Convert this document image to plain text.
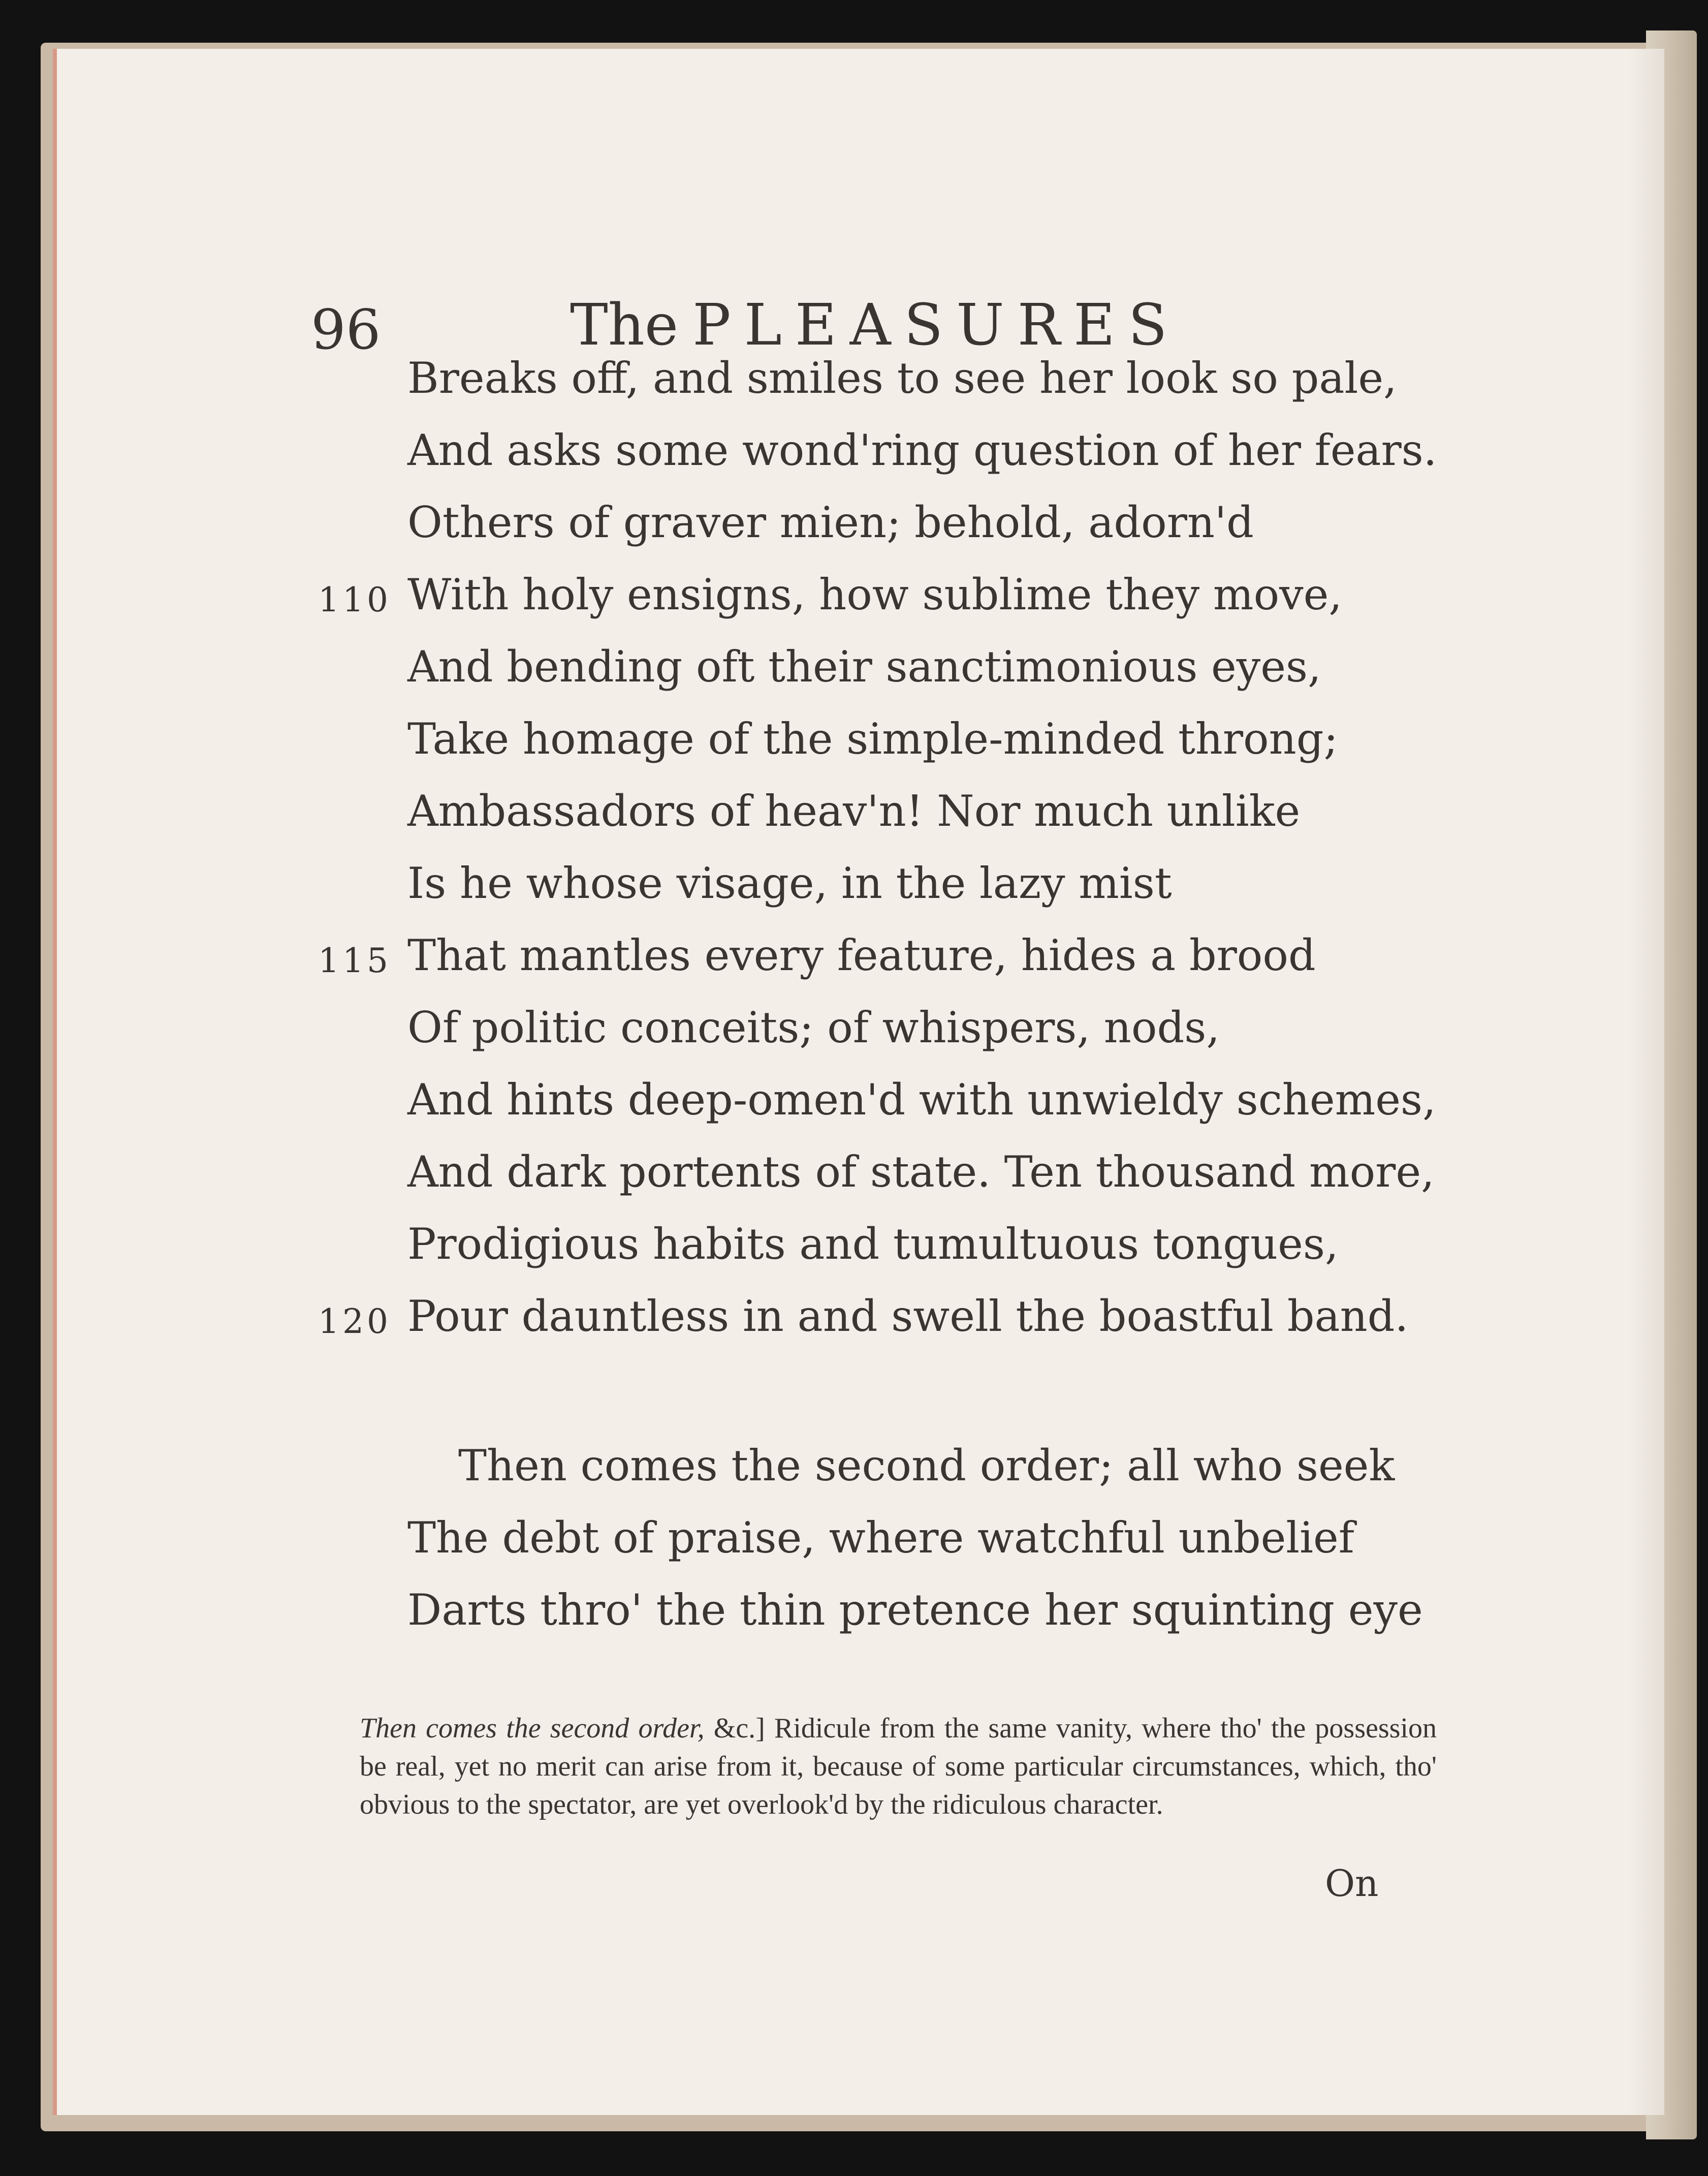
96	The PLEASURES
Breaks off, and smiles to see her look so pale,
And asks some wond'ring question of her fears.
Others of graver mien; behold, adorn'd
110 With holy ensigns, how sublime they move,
And bending oft their sanctimonious eyes,
Take homage of the simple-minded throng;
Ambassadors of heav'n! Nor much unlike
Is he whose visage, in the lazy mist
115 That mantles every feature, hides a brood
Of politic conceits; of whispers, nods,
And hints deep-omen'd with unwieldy schemes,
And dark portents of state. Ten thousand more,
Prodigious habits and tumultuous tongues,
120 Pour dauntless in and swell the boastful band.
Then comes the second order; all who seek
The debt of praise, where watchful unbelief
Darts thro' the thin pretence her squinting eye
Then comes the second order, &c.] Ridicule from the same vanity, where tho' the possession be real, yet no merit can arise from it, because of some particular circumstances, which, tho' obvious to the spectator, are yet overlook'd by the ridiculous character.
On
